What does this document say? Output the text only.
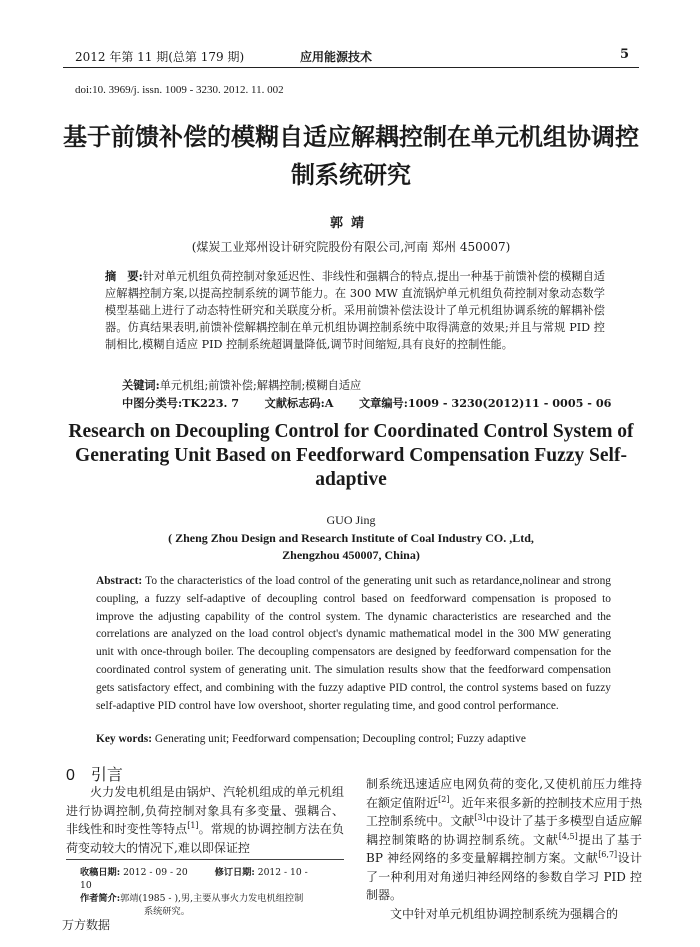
2012 年第 11 期(总第 179 期)	应用能源技术	5
doi:10. 3969/j. issn. 1009 - 3230. 2012. 11. 002
基于前馈补偿的模糊自适应解耦控制在单元机组协调控制系统研究
郭靖
(煤炭工业郑州设计研究院股份有限公司,河南 郑州 450007)
摘　要:针对单元机组负荷控制对象延迟性、非线性和强耦合的特点,提出一种基于前馈补偿的模糊自适应解耦控制方案,以提高控制系统的调节能力。在 300 MW 直流锅炉单元机组负荷控制对象动态数学模型基础上进行了动态特性研究和关联度分析。采用前馈补偿法设计了单元机组协调系统的解耦补偿器。仿真结果表明,前馈补偿解耦控制在单元机组协调控制系统中取得满意的效果;并且与常规 PID 控制相比,模糊自适应 PID 控制系统超调量降低,调节时间缩短,具有良好的控制性能。
关键词:单元机组;前馈补偿;解耦控制;模糊自适应
中图分类号:TK223. 7 文献标志码:A 文章编号:1009 - 3230(2012)11 - 0005 - 06
Research on Decoupling Control for Coordinated Control System of Generating Unit Based on Feedforward Compensation Fuzzy Self-adaptive
GUO Jing
( Zheng Zhou Design and Research Institute of Coal Industry CO. ,Ltd,
Zhengzhou 450007, China)
Abstract: To the characteristics of the load control of the generating unit such as retardance,nolinear and strong coupling, a fuzzy self-adaptive of decoupling control based on feedforward compensation is proposed to improve the adjusting capability of the control system. The dynamic characteristics are researched and the correlations are analyzed on the load control object's dynamic mathematical model in the 300 MW generating unit with once-through boiler. The decoupling compensators are designed by feedforward compensation for the coordinated control system of generating unit. The simulation results show that the feedforward compensation gets satisfactory effect, and combining with the fuzzy adaptive PID control, the control systems based on fuzzy self-adaptive PID control have low overshoot, shorter regulating time, and good control performance.
Key words: Generating unit; Feedforward compensation; Decoupling control; Fuzzy adaptive
0 引言

火力发电机组是由锅炉、汽轮机组成的单元机组进行协调控制,负荷控制对象具有多变量、强耦合、非线性和时变性等特点[1]。常规的协调控制方法在负荷变动较大的情况下,难以即保证控

收稿日期: 2012 - 09 - 20	修订日期: 2012 - 10 - 10
作者简介:郭靖(1985 - ),男,主要从事火力发电机组控制
系统研究。

制系统迅速适应电网负荷的变化,又使机前压力维持在额定值附近[2]。近年来很多新的控制技术应用于热工控制系统中。文献[3]中设计了基于多模型自适应解耦控制策略的协调控制系统。文献[4,5]提出了基于 BP 神经网络的多变量解耦控制方案。文献[6,7]设计了一种利用对角递归神经网络的参数自学习 PID 控制器。

文中针对单元机组协调控制系统为强耦合的

万方数据
